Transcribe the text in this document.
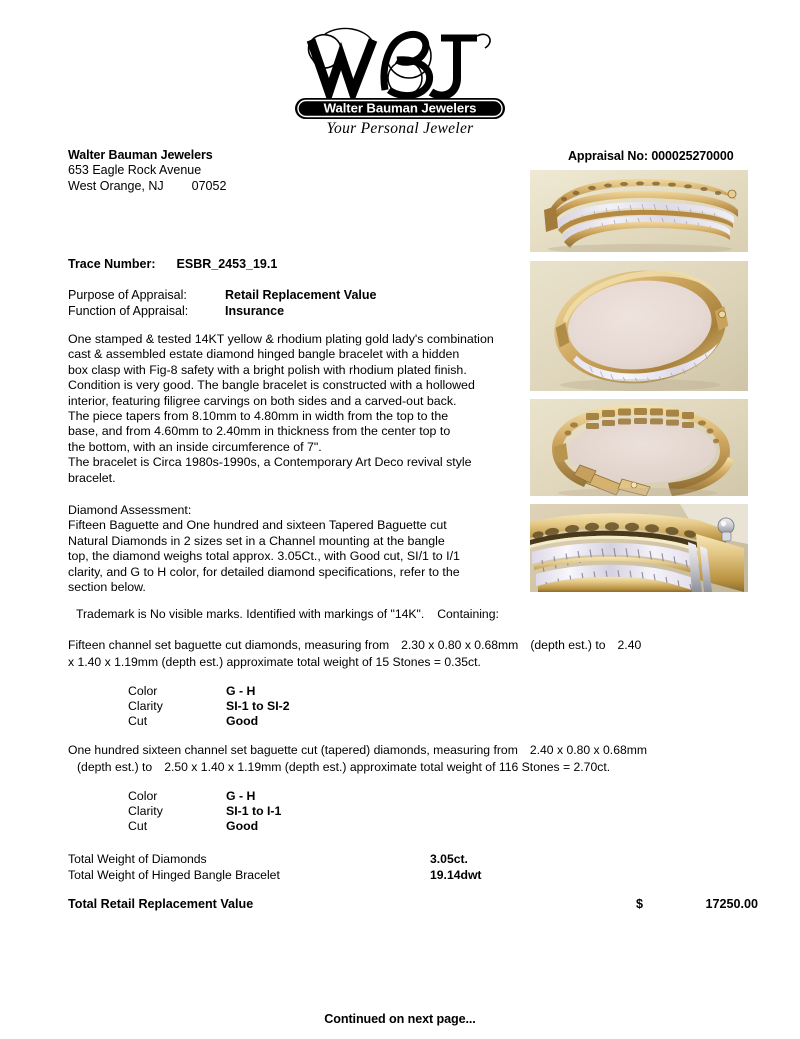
Walter Bauman Jewelers
Your Personal Jeweler
Walter Bauman Jewelers
653 Eagle Rock Avenue
West Orange, NJ 07052
Appraisal No: 000025270000
Trace Number: ESBR_2453_19.1
Purpose of Appraisal:	Retail Replacement Value
Function of Appraisal:	Insurance
One stamped & tested 14KT yellow & rhodium plating gold lady's combination
cast & assembled estate diamond hinged bangle bracelet with a hidden
box clasp with Fig-8 safety with a bright polish with rhodium plated finish.
Condition is very good. The bangle bracelet is constructed with a hollowed
interior, featuring filigree carvings on both sides and a carved-out back.
The piece tapers from 8.10mm to 4.80mm in width from the top to the
base, and from 4.60mm to 2.40mm in thickness from the center top to
the bottom, with an inside circumference of 7".
The bracelet is Circa 1980s-1990s, a Contemporary Art Deco revival style
bracelet.
Diamond Assessment:
Fifteen Baguette and One hundred and sixteen Tapered Baguette cut
Natural Diamonds in 2 sizes set in a Channel mounting at the bangle
top, the diamond weighs total approx. 3.05Ct., with Good cut, SI/1 to I/1
clarity, and G to H color, for detailed diamond specifications, refer to the
section below.
Trademark is No visible marks. Identified with markings of "14K". Containing:
Fifteen channel set baguette cut diamonds, measuring from 2.30 x 0.80 x 0.68mm (depth est.) to 2.40
x 1.40 x 1.19mm (depth est.) approximate total weight of 15 Stones = 0.35ct.
Color	G - H
Clarity	SI-1 to SI-2
Cut	Good
One hundred sixteen channel set baguette cut (tapered) diamonds, measuring from 2.40 x 0.80 x 0.68mm
(depth est.) to 2.50 x 1.40 x 1.19mm (depth est.) approximate total weight of 116 Stones = 2.70ct.
Color	G - H
Clarity	SI-1 to I-1
Cut	Good
Total Weight of Diamonds	3.05ct.
Total Weight of Hinged Bangle Bracelet	19.14dwt
Total Retail Replacement Value	$	17250.00
Continued on next page...
